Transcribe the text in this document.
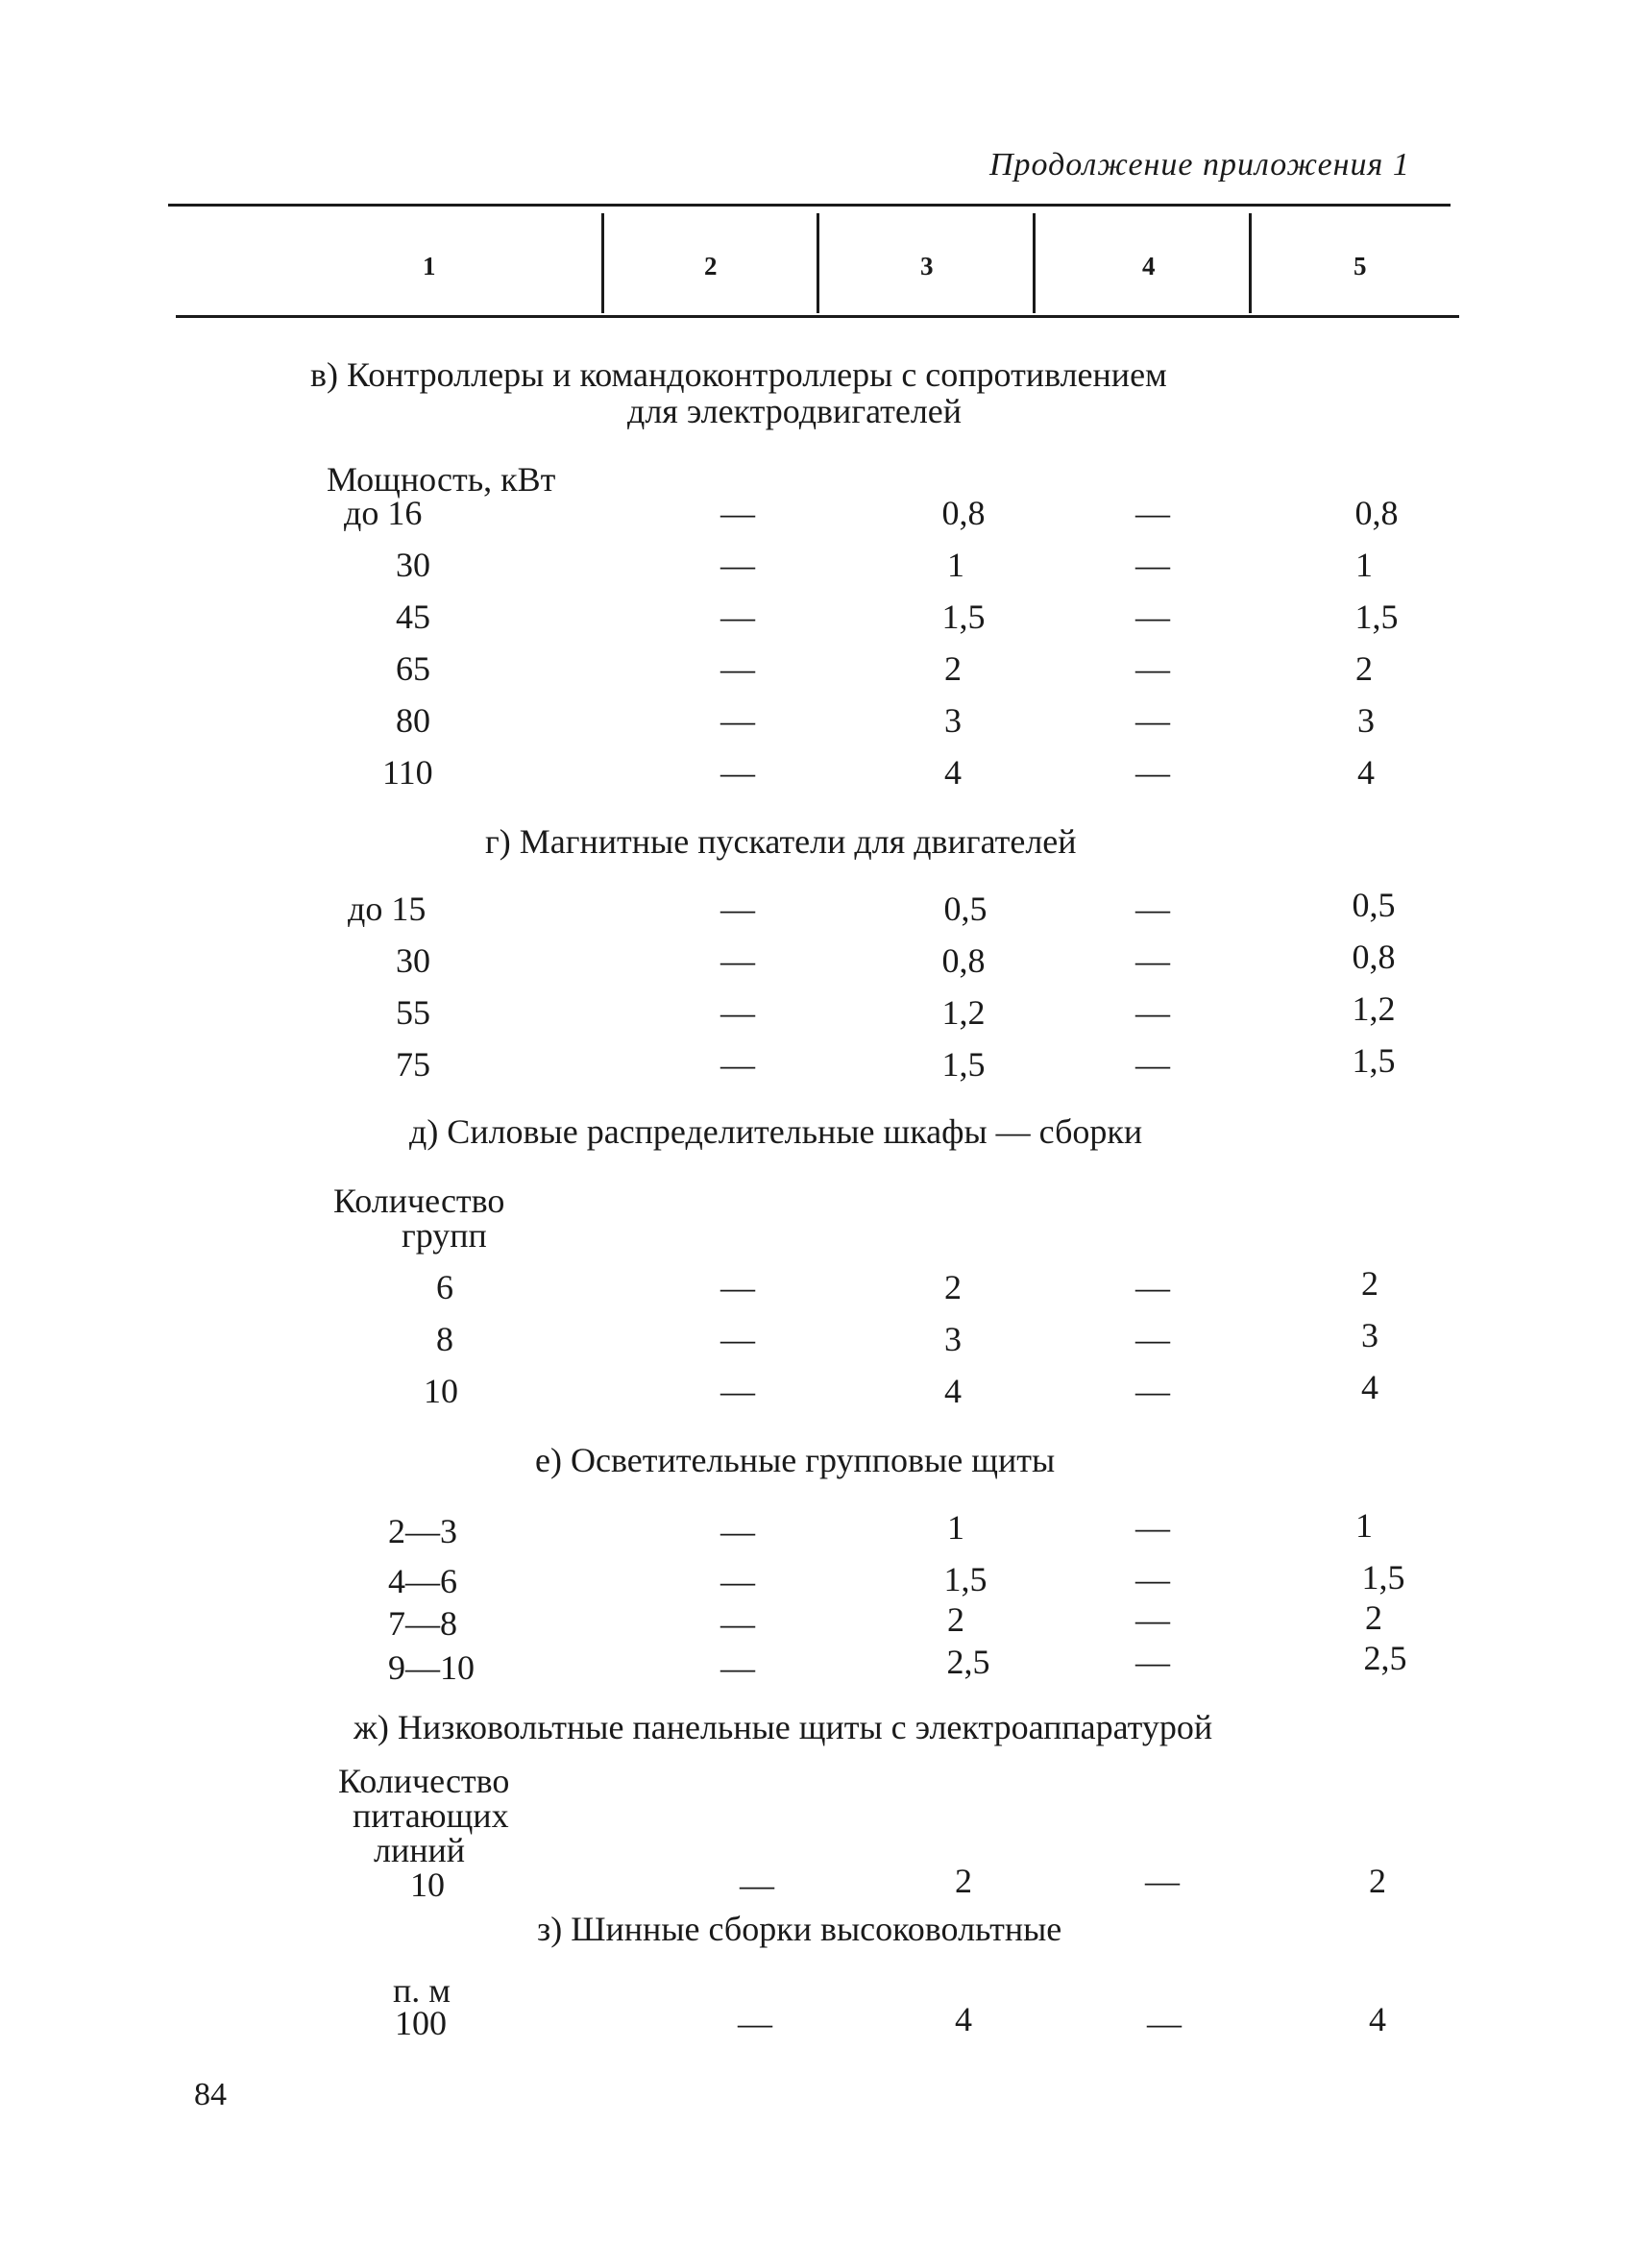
Продолжение приложения 1
1	2	3	4	5
в) Контроллеры и командоконтроллеры с сопротивлением
для электродвигателей
Мощность, кВт
до 16	—	0,8	—	0,8
30	—	1	—	1
45	—	1,5	—	1,5
65	—	2	—	2
80	—	3	—	3
110	—	4	—	4
г) Магнитные пускатели для двигателей
до 15	—	0,5	—	0,5
30	—	0,8	—	0,8
55	—	1,2	—	1,2
75	—	1,5	—	1,5
д) Силовые распределительные шкафы — сборки
Количество
групп
6	—	2	—	2
8	—	3	—	3
10	—	4	—	4
е) Осветительные групповые щиты
2—3	—	1	—	1
4—6	—	1,5	—	1,5
7—8	—	2	—	2
9—10	—	2,5	—	2,5
ж) Низковольтные панельные щиты с электроаппаратурой
Количество
питающих
линий
10	—	2	—	2
з) Шинные сборки высоковольтные
п. м
100	—	4	—	4
84
